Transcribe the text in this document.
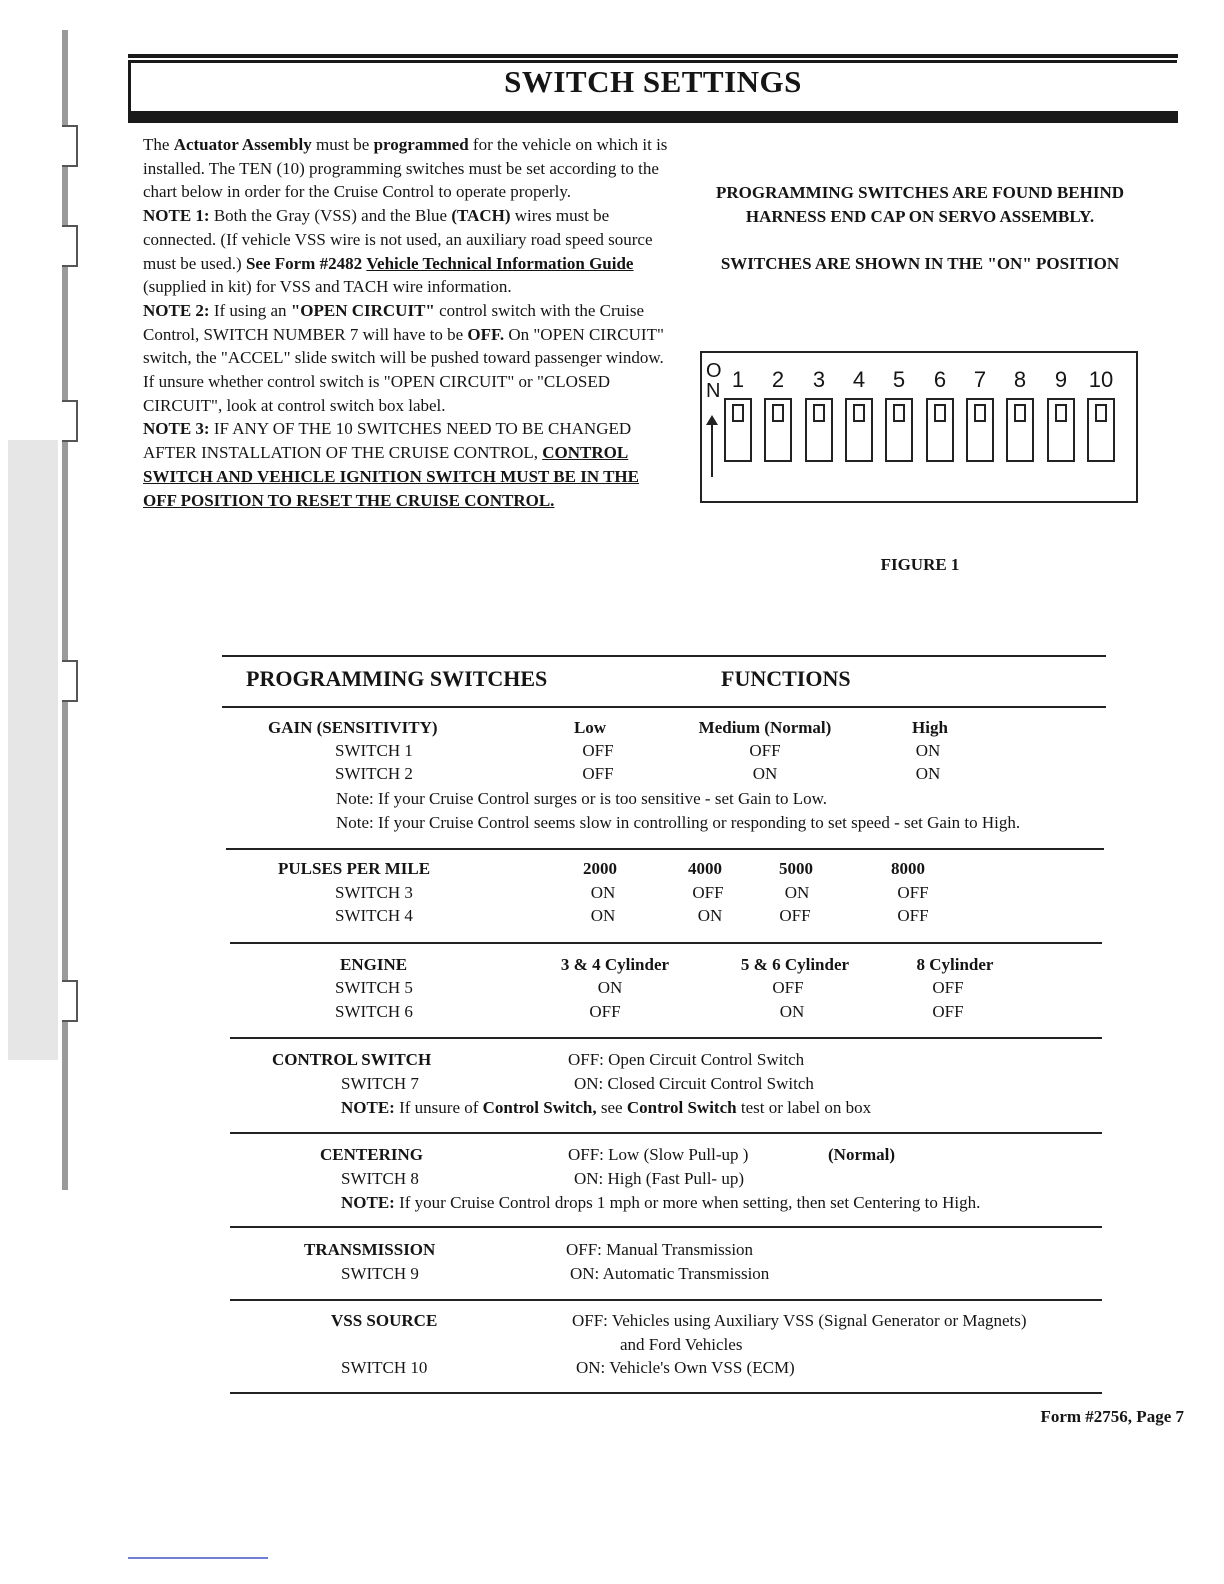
SWITCH SETTINGS

The Actuator Assembly must be programmed for the vehicle on which it is installed. The TEN (10) programming switches must be set according to the chart below in order for the Cruise Control to operate properly.

NOTE 1: Both the Gray (VSS) and the Blue (TACH) wires must be connected. (If vehicle VSS wire is not used, an auxiliary road speed source must be used.) See Form #2482 Vehicle Technical Information Guide (supplied in kit) for VSS and TACH wire information.

NOTE 2: If using an "OPEN CIRCUIT" control switch with the Cruise Control, SWITCH NUMBER 7 will have to be OFF. On "OPEN CIRCUIT" switch, the "ACCEL" slide switch will be pushed toward passenger window. If unsure whether control switch is "OPEN CIRCUIT" or "CLOSED CIRCUIT", look at control switch box label.

NOTE 3: IF ANY OF THE 10 SWITCHES NEED TO BE CHANGED AFTER INSTALLATION OF THE CRUISE CONTROL, CONTROL SWITCH AND VEHICLE IGNITION SWITCH MUST BE IN THE OFF POSITION TO RESET THE CRUISE CONTROL.

PROGRAMMING SWITCHES ARE FOUND BEHIND
HARNESS END CAP ON SERVO ASSEMBLY.
SWITCHES ARE SHOWN IN THE "ON" POSITION
O
N 1	2	3	4	5	6	7	8	9 10
FIGURE 1
PROGRAMMING SWITCHES	FUNCTIONS
GAIN (SENSITIVITY)	Low	Medium (Normal)	High
SWITCH 1	OFF	OFF	ON
SWITCH 2	OFF	ON	ON
Note: If your Cruise Control surges or is too sensitive - set Gain to Low.
Note: If your Cruise Control seems slow in controlling or responding to set speed - set Gain to High.
PULSES PER MILE	2000	4000	5000	8000
SWITCH 3	ON	OFF	ON	OFF
SWITCH 4	ON	ON	OFF	OFF
ENGINE	3 & 4 Cylinder	5 & 6 Cylinder	8 Cylinder
SWITCH 5	ON	OFF	OFF
SWITCH 6	OFF	ON	OFF
CONTROL SWITCH	OFF: Open Circuit Control Switch
SWITCH 7	ON: Closed Circuit Control Switch
NOTE: If unsure of Control Switch, see Control Switch test or label on box
CENTERING	OFF: Low (Slow Pull-up )	(Normal)
SWITCH 8	ON: High (Fast Pull- up)
NOTE: If your Cruise Control drops 1 mph or more when setting, then set Centering to High.
TRANSMISSION	OFF: Manual Transmission
SWITCH 9	ON: Automatic Transmission
VSS SOURCE	OFF: Vehicles using Auxiliary VSS (Signal Generator or Magnets)
and Ford Vehicles
SWITCH 10	ON: Vehicle's Own VSS (ECM)
Form #2756, Page 7
